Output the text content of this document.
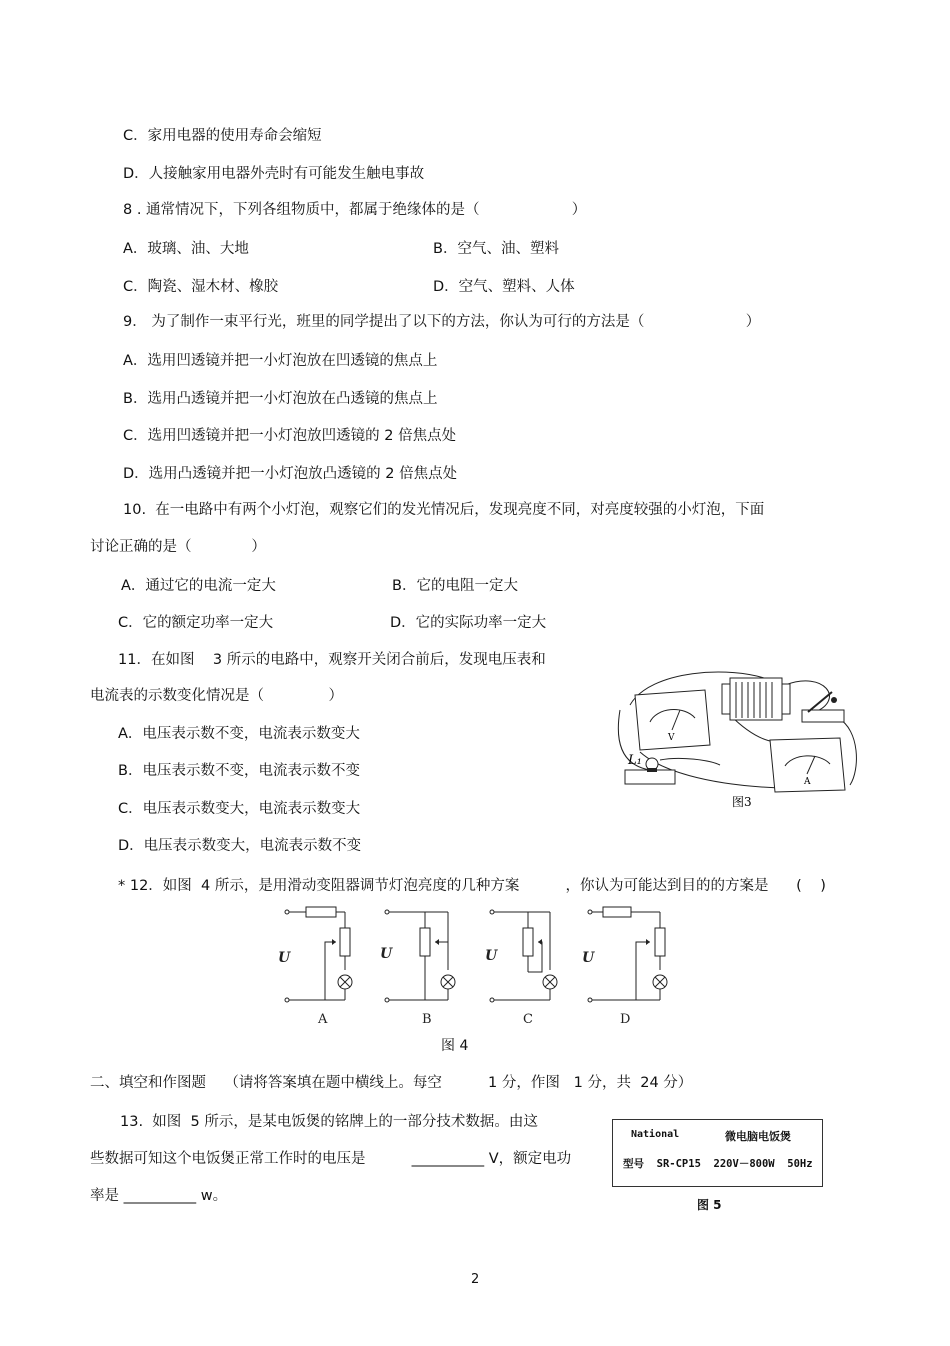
C．家用电器的使用寿命会缩短
D．人接触家用电器外壳时有可能发生触电事故
8 . 通常情况下，下列各组物质中，都属于绝缘体的是（                    ）
A．玻璃、油、大地	B．空气、油、塑料
C．陶瓷、湿木材、橡胶	D．空气、塑料、人体
9． 为了制作一束平行光，班里的同学提出了以下的方法，你认为可行的方法是（                      ）
A．选用凹透镜并把一小灯泡放在凹透镜的焦点上
B．选用凸透镜并把一小灯泡放在凸透镜的焦点上
C．选用凹透镜并把一小灯泡放凹透镜的 2 倍焦点处
D．选用凸透镜并把一小灯泡放凸透镜的 2 倍焦点处
10.  在一电路中有两个小灯泡，观察它们的发光情况后，发现亮度不同，对亮度较强的小灯泡，下面
讨论正确的是（             ）
A．通过它的电流一定大	B．它的电阻一定大
C．它的额定功率一定大	D．它的实际功率一定大
11．在如图    3 所示的电路中，观察开关闭合前后，发现电压表和
电流表的示数变化情况是（              ）
A．电压表示数不变，电流表示数变大
B．电压表示数不变，电流表示数不变
C．电压表示数变大，电流表示数变大
D．电压表示数变大，电流表示数不变
V
A
L₁
图3
* 12．如图  4 所示，是用滑动变阻器调节灯泡亮度的几种方案          ，你认为可能达到目的的方案是      (    )
U	U	U	U
A	B	C	D
图 4
二、填空和作图题    （请将答案填在题中横线上。每空          1 分，作图   1 分，共  24 分）
13.  如图  5 所示，是某电饭煲的铭牌上的一部分技术数据。由这
些数据可知这个电饭煲正常工作时的电压是          __________ V，额定电功
率是 __________ w。
National	微电脑电饭煲
型号  SR-CP15  220V－800W  50Hz
图 5
2
